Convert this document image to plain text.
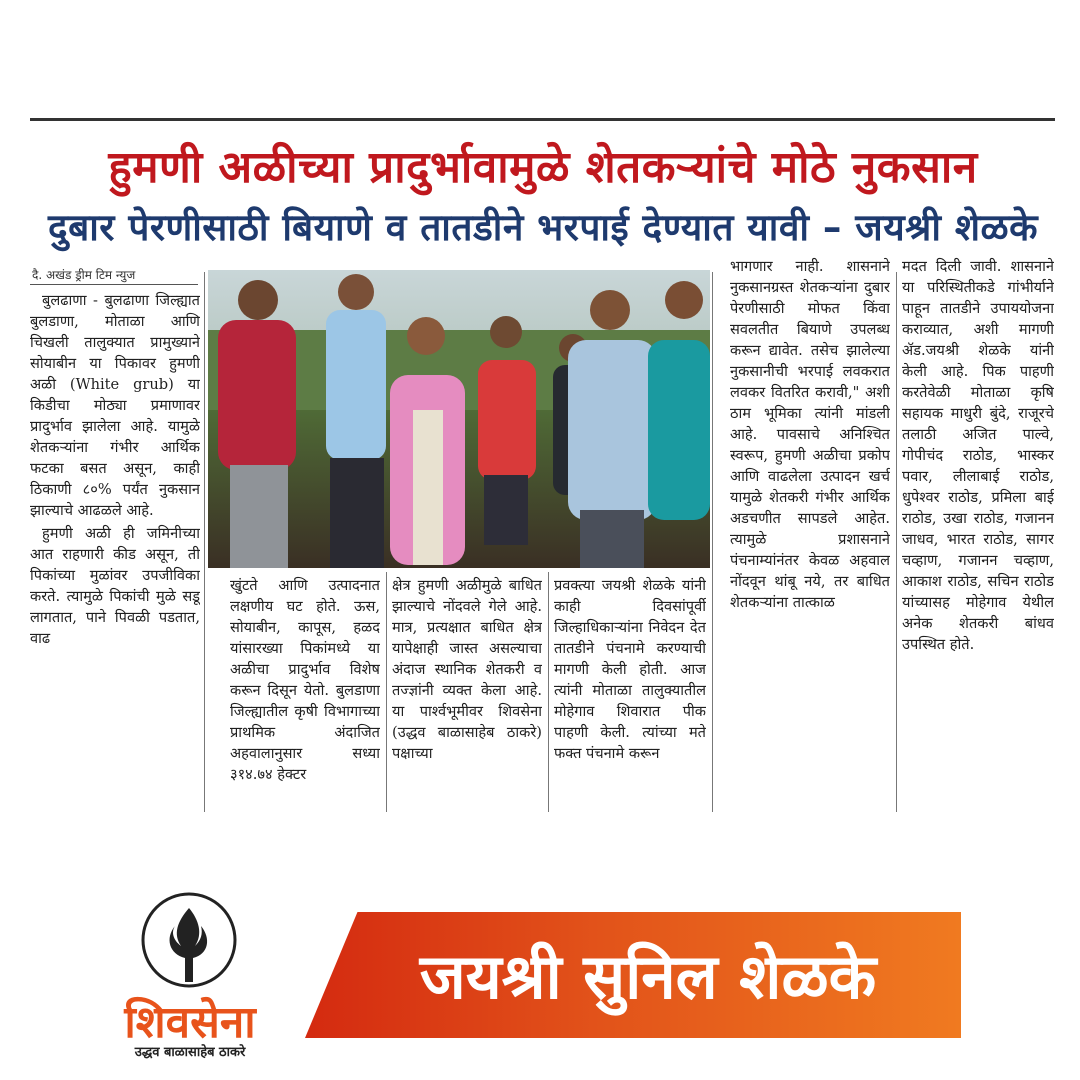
हुमणी अळीच्या प्रादुर्भावामुळे शेतकऱ्यांचे मोठे नुकसान
दुबार पेरणीसाठी बियाणे व तातडीने भरपाई देण्यात यावी – जयश्री शेळके
दै. अखंड ड्रीम टिम न्युज

बुलढाणा - बुलढाणा जिल्ह्यात बुलडाणा, मोताळा आणि चिखली तालुक्यात प्रामुख्याने सोयाबीन या पिकावर हुमणी अळी (White grub) या किडीचा मोठ्या प्रमाणावर प्रादुर्भाव झालेला आहे. यामुळे शेतकऱ्यांना गंभीर आर्थिक फटका बसत असून, काही ठिकाणी ८०% पर्यंत नुकसान झाल्याचे आढळले आहे.

हुमणी अळी ही जमिनीच्या आत राहणारी कीड असून, ती पिकांच्या मुळांवर उपजीविका करते. त्यामुळे पिकांची मुळे सडू लागतात, पाने पिवळी पडतात, वाढ

खुंटते आणि उत्पादनात लक्षणीय घट होते. ऊस, सोयाबीन, कापूस, हळद यांसारख्या पिकांमध्ये या अळीचा प्रादुर्भाव विशेष करून दिसून येतो. बुलडाणा जिल्ह्यातील कृषी विभागाच्या प्राथमिक अंदाजित अहवालानुसार सध्या ३१४.७४ हेक्टर
क्षेत्र हुमणी अळीमुळे बाधित झाल्याचे नोंदवले गेले आहे. मात्र, प्रत्यक्षात बाधित क्षेत्र यापेक्षाही जास्त असल्याचा अंदाज स्थानिक शेतकरी व तज्ज्ञांनी व्यक्त केला आहे. या पार्श्वभूमीवर शिवसेना (उद्धव बाळासाहेब ठाकरे) पक्षाच्या
प्रवक्त्या जयश्री शेळके यांनी काही दिवसांपूर्वी जिल्हाधिकाऱ्यांना निवेदन देत तातडीने पंचनामे करण्याची मागणी केली होती. आज त्यांनी मोताळा तालुक्यातील मोहेगाव शिवारात पीक पाहणी केली. त्यांच्या मते फक्त पंचनामे करून
भागणार नाही. शासनाने नुकसानग्रस्त शेतकऱ्यांना दुबार पेरणीसाठी मोफत किंवा सवलतीत बियाणे उपलब्ध करून द्यावेत. तसेच झालेल्या नुकसानीची भरपाई लवकरात लवकर वितरित करावी," अशी ठाम भूमिका त्यांनी मांडली आहे. पावसाचे अनिश्चित स्वरूप, हुमणी अळीचा प्रकोप आणि वाढलेला उत्पादन खर्च यामुळे शेतकरी गंभीर आर्थिक अडचणीत सापडले आहेत. त्यामुळे प्रशासनाने पंचनाम्यांनंतर केवळ अहवाल नोंदवून थांबू नये, तर बाधित शेतकऱ्यांना तात्काळ
मदत दिली जावी. शासनाने या परिस्थितीकडे गांभीर्याने पाहून तातडीने उपाययोजना कराव्यात, अशी मागणी ॲड.जयश्री शेळके यांनी केली आहे. पिक पाहणी करतेवेळी मोताळा कृषि सहायक माधुरी बुंदे, राजूरचे तलाठी अजित पाल्वे, गोपीचंद राठोड, भास्कर पवार, लीलाबाई राठोड, धुपेश्वर राठोड, प्रमिला बाई राठोड, उखा राठोड, गजानन जाधव, भारत राठोड, सागर चव्हाण, गजानन चव्हाण, आकाश राठोड, सचिन राठोड यांच्यासह मोहेगाव येथील अनेक शेतकरी बांधव उपस्थित होते.
जयश्री सुनिल शेळके
शिवसेना
उद्धव बाळासाहेब ठाकरे
